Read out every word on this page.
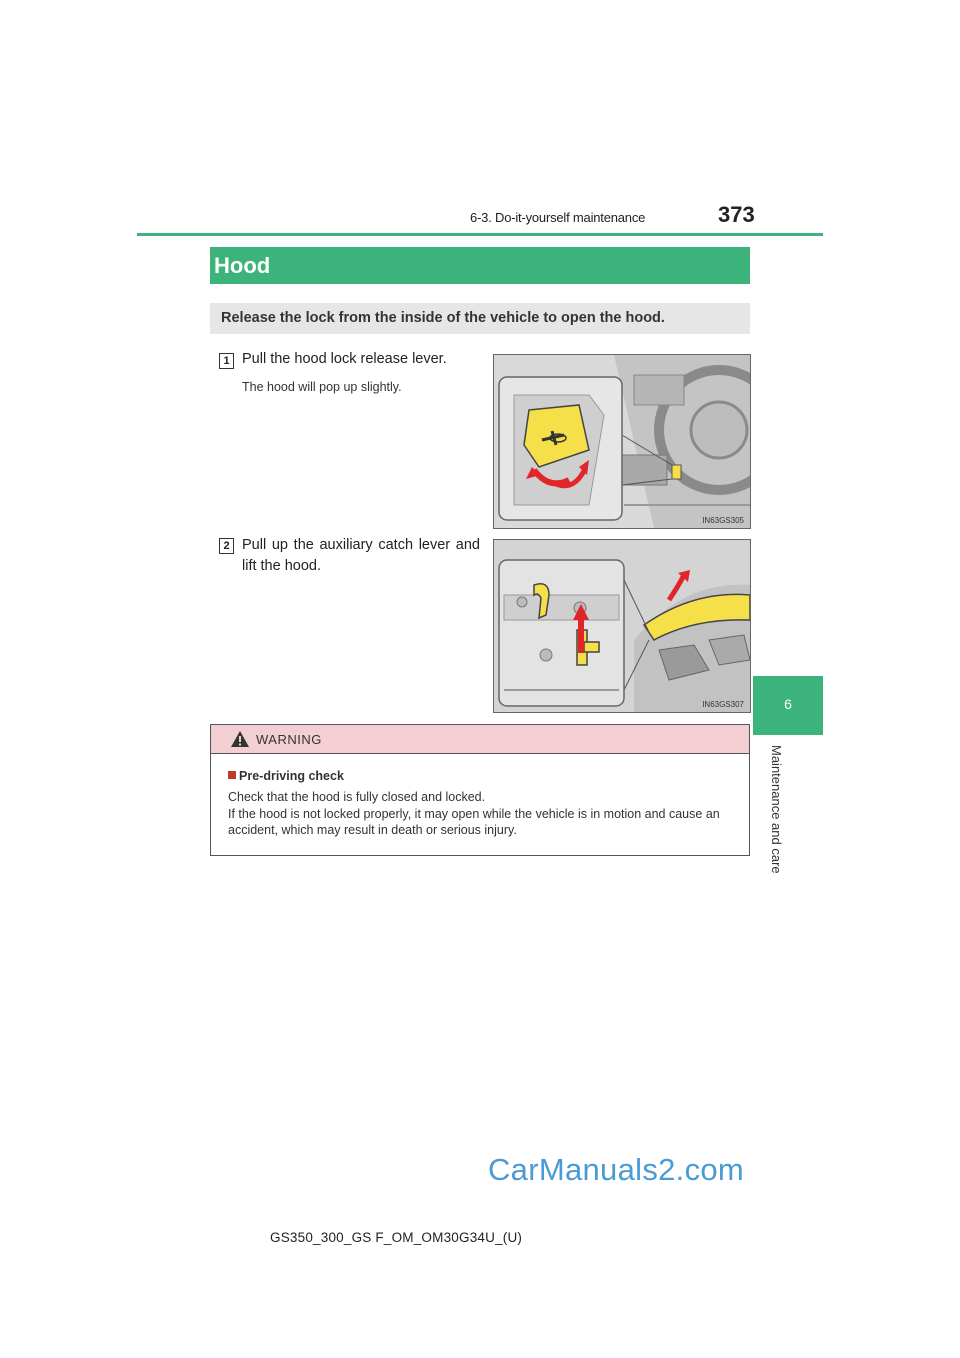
6-3. Do-it-yourself maintenance	373
6
Maintenance and care
Hood
Release the lock from the inside of the vehicle to open the hood.
1 Pull the hood lock release lever.
The hood will pop up slightly.
IN63GS305
2 Pull up the auxiliary catch lever and lift the hood.
IN63GS307
WARNING
Pre-driving check
Check that the hood is fully closed and locked.
If the hood is not locked properly, it may open while the vehicle is in motion and cause an accident, which may result in death or serious injury.
GS350_300_GS F_OM_OM30G34U_(U)
CarManuals2.com
